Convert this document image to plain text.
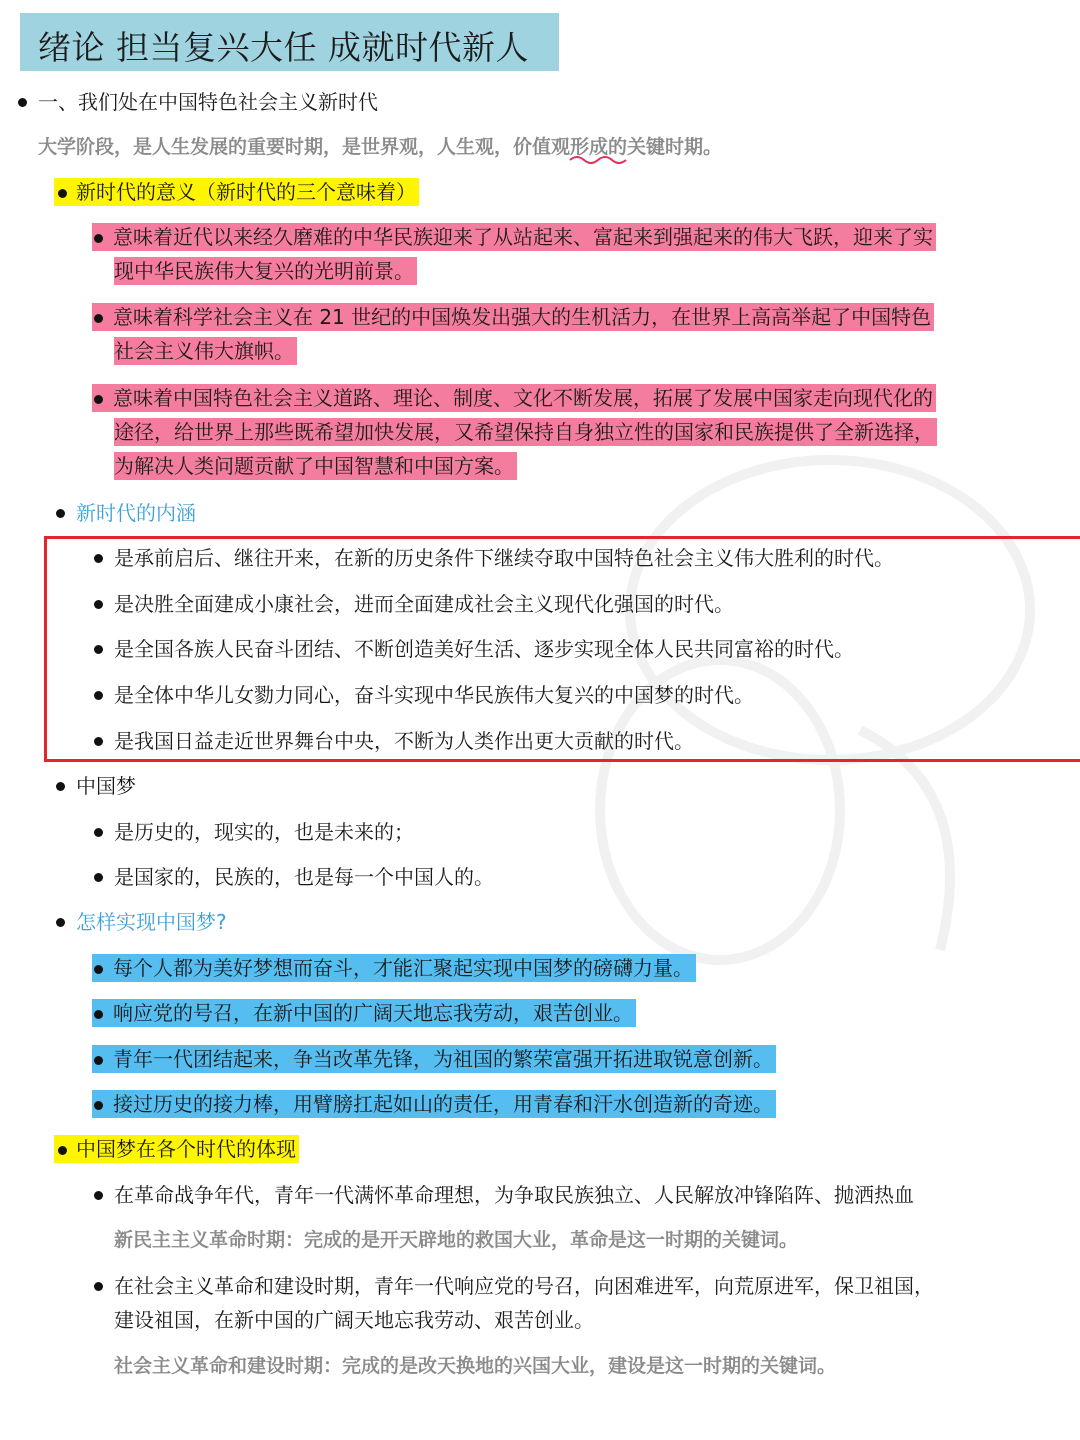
绪论 担当复兴大任 成就时代新人
一、我们处在中国特色社会主义新时代
大学阶段，是人生发展的重要时期，是世界观，人生观，价值观形成的关键时期。
新时代的意义（新时代的三个意味着）
意味着近代以来经久磨难的中华民族迎来了从站起来、富起来到强起来的伟大飞跃，迎来了实
现中华民族伟大复兴的光明前景。
意味着科学社会主义在 21 世纪的中国焕发出强大的生机活力，在世界上高高举起了中国特色
社会主义伟大旗帜。
意味着中国特色社会主义道路、理论、制度、文化不断发展，拓展了发展中国家走向现代化的
途径，给世界上那些既希望加快发展，又希望保持自身独立性的国家和民族提供了全新选择，
为解决人类问题贡献了中国智慧和中国方案。
新时代的内涵
是承前启后、继往开来，在新的历史条件下继续夺取中国特色社会主义伟大胜利的时代。
是决胜全面建成小康社会，进而全面建成社会主义现代化强国的时代。
是全国各族人民奋斗团结、不断创造美好生活、逐步实现全体人民共同富裕的时代。
是全体中华儿女勠力同心，奋斗实现中华民族伟大复兴的中国梦的时代。
是我国日益走近世界舞台中央，不断为人类作出更大贡献的时代。
中国梦
是历史的，现实的，也是未来的；
是国家的，民族的，也是每一个中国人的。
怎样实现中国梦?
每个人都为美好梦想而奋斗，才能汇聚起实现中国梦的磅礴力量。
响应党的号召，在新中国的广阔天地忘我劳动，艰苦创业。
青年一代团结起来，争当改革先锋，为祖国的繁荣富强开拓进取锐意创新。
接过历史的接力棒，用臂膀扛起如山的责任，用青春和汗水创造新的奇迹。
中国梦在各个时代的体现
在革命战争年代，青年一代满怀革命理想，为争取民族独立、人民解放冲锋陷阵、抛洒热血
新民主主义革命时期：完成的是开天辟地的救国大业，革命是这一时期的关键词。
在社会主义革命和建设时期，青年一代响应党的号召，向困难进军，向荒原进军，保卫祖国，
建设祖国，在新中国的广阔天地忘我劳动、艰苦创业。
社会主义革命和建设时期：完成的是改天换地的兴国大业，建设是这一时期的关键词。
